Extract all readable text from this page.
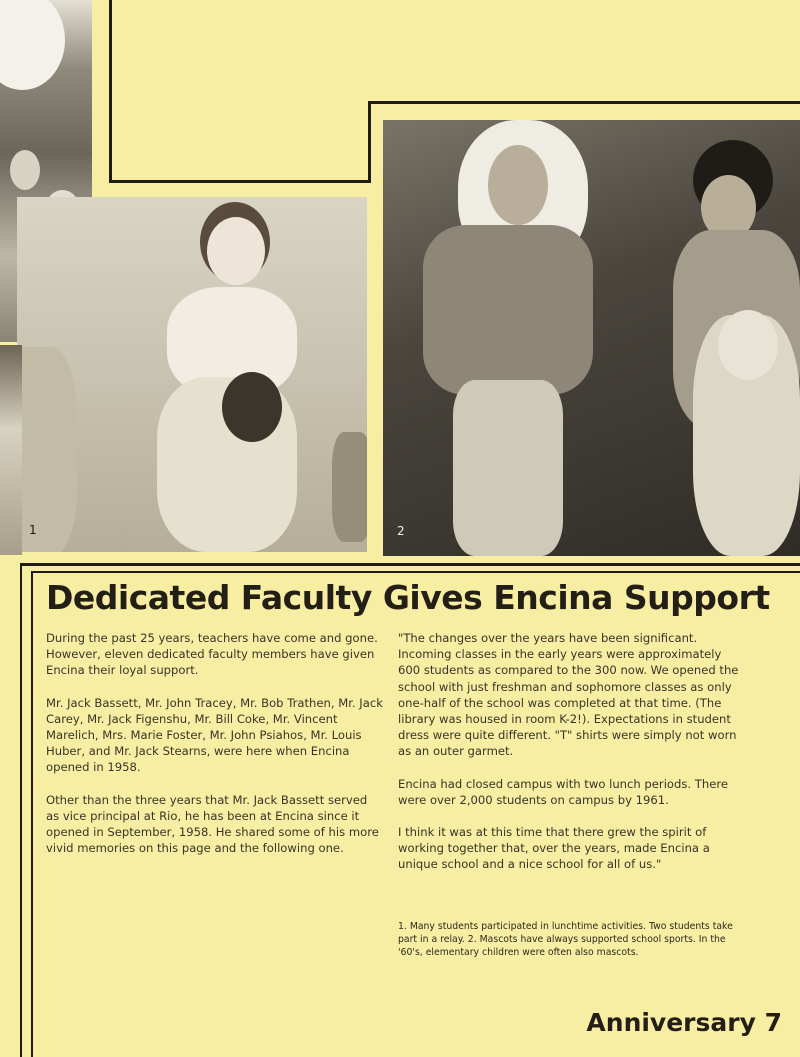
1	2
Dedicated Faculty Gives Encina Support

During the past 25 years, teachers have come and gone. However, eleven dedicated faculty members have given Encina their loyal support.

Mr. Jack Bassett, Mr. John Tracey, Mr. Bob Trathen, Mr. Jack Carey, Mr. Jack Figenshu, Mr. Bill Coke, Mr. Vincent Marelich, Mrs. Marie Foster, Mr. John Psiahos, Mr. Louis Huber, and Mr. Jack Stearns, were here when Encina opened in 1958.

Other than the three years that Mr. Jack Bassett served as vice principal at Rio, he has been at Encina since it opened in September, 1958. He shared some of his more vivid memories on this page and the following one.

"The changes over the years have been significant. Incoming classes in the early years were approximately 600 students as compared to the 300 now. We opened the school with just freshman and sophomore classes as only one-half of the school was completed at that time. (The library was housed in room K-2!). Expectations in student dress were quite different. "T" shirts were simply not worn as an outer garmet.

Encina had closed campus with two lunch periods. There were over 2,000 students on campus by 1961.

I think it was at this time that there grew the spirit of working together that, over the years, made Encina a unique school and a nice school for all of us."

1. Many students participated in lunchtime activities. Two students take part in a relay. 2. Mascots have always supported school sports. In the '60's, elementary children were often also mascots.
Anniversary 7
